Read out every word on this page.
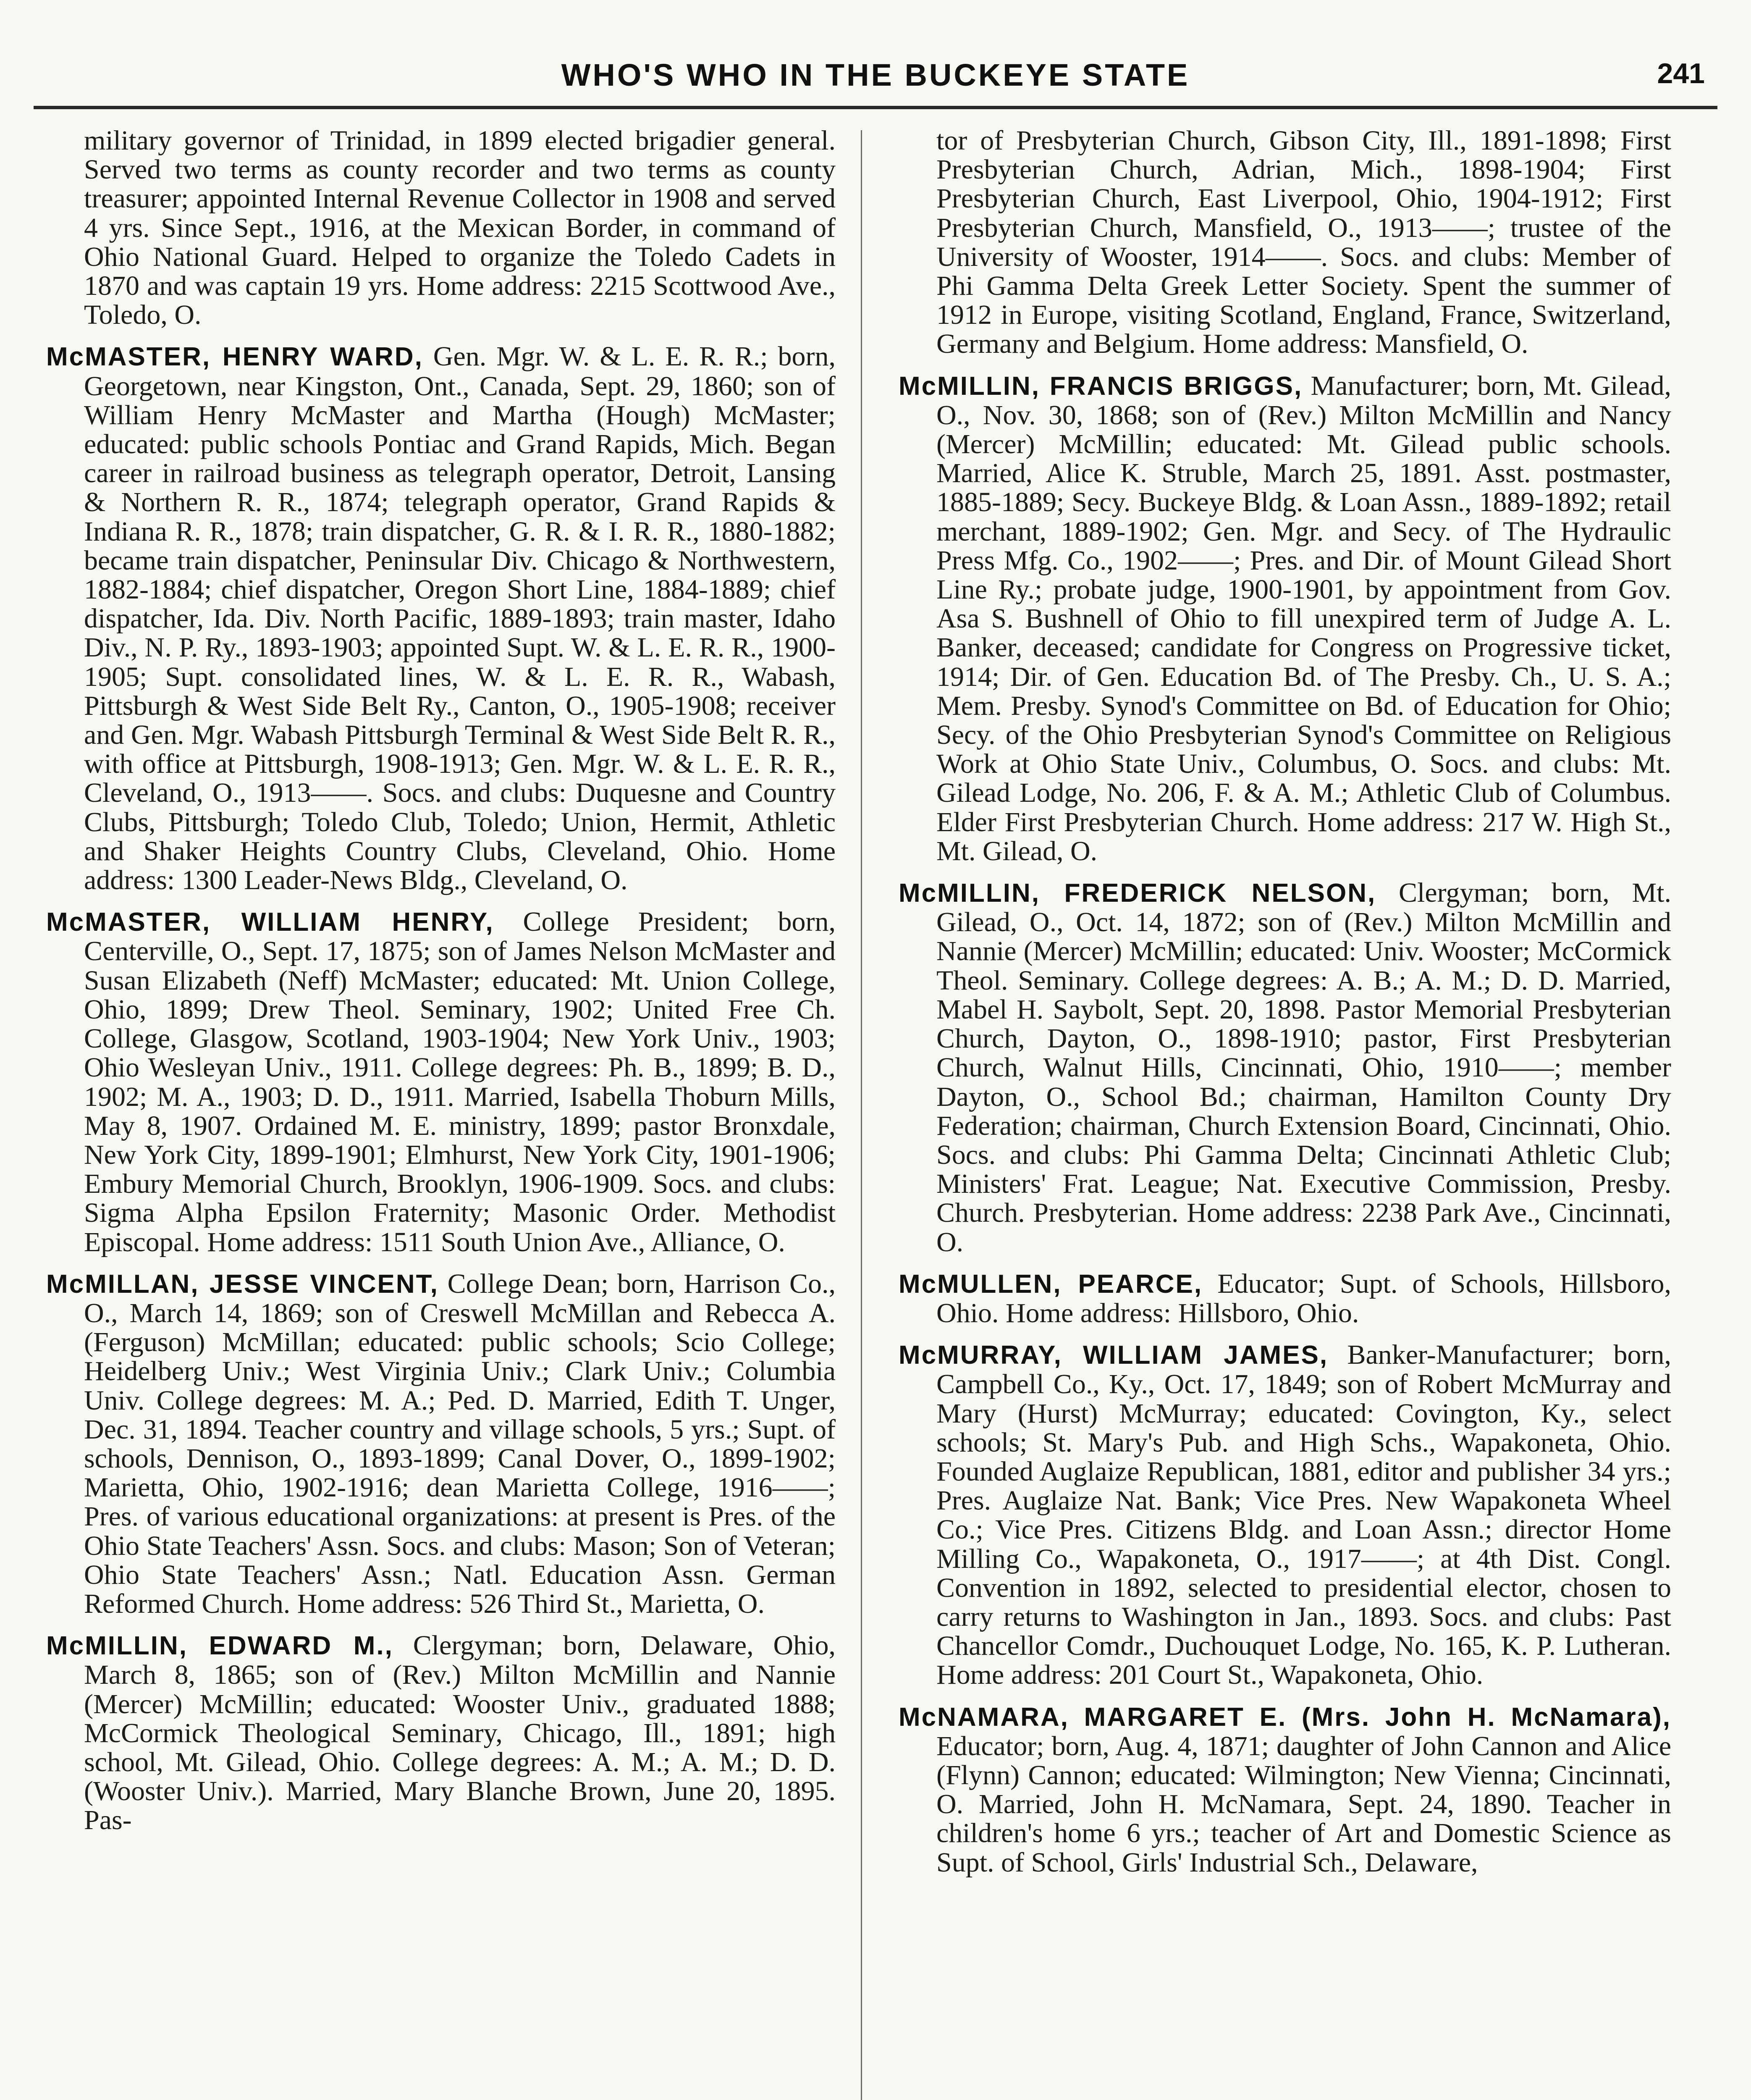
WHO'S WHO IN THE BUCKEYE STATE	241

military governor of Trinidad, in 1899 elected brigadier general. Served two terms as county recorder and two terms as county treasurer; appointed Internal Revenue Collector in 1908 and served 4 yrs. Since Sept., 1916, at the Mexican Border, in command of Ohio National Guard. Helped to organize the Toledo Cadets in 1870 and was captain 19 yrs. Home address: 2215 Scottwood Ave., Toledo, O.

McMASTER, HENRY WARD, Gen. Mgr. W. & L. E. R. R.; born, Georgetown, near Kingston, Ont., Canada, Sept. 29, 1860; son of William Henry McMaster and Martha (Hough) McMaster; educated: public schools Pontiac and Grand Rapids, Mich. Began career in railroad business as telegraph operator, Detroit, Lansing & Northern R. R., 1874; telegraph operator, Grand Rapids & Indiana R. R., 1878; train dispatcher, G. R. & I. R. R., 1880-1882; became train dispatcher, Peninsular Div. Chicago & Northwestern, 1882-1884; chief dispatcher, Oregon Short Line, 1884-1889; chief dispatcher, Ida. Div. North Pacific, 1889-1893; train master, Idaho Div., N. P. Ry., 1893-1903; appointed Supt. W. & L. E. R. R., 1900-1905; Supt. consolidated lines, W. & L. E. R. R., Wabash, Pittsburgh & West Side Belt Ry., Canton, O., 1905-1908; receiver and Gen. Mgr. Wabash Pittsburgh Terminal & West Side Belt R. R., with office at Pittsburgh, 1908-1913; Gen. Mgr. W. & L. E. R. R., Cleveland, O., 1913——. Socs. and clubs: Duquesne and Country Clubs, Pittsburgh; Toledo Club, Toledo; Union, Hermit, Athletic and Shaker Heights Country Clubs, Cleveland, Ohio. Home address: 1300 Leader-News Bldg., Cleveland, O.

McMASTER, WILLIAM HENRY, College President; born, Centerville, O., Sept. 17, 1875; son of James Nelson McMaster and Susan Elizabeth (Neff) McMaster; educated: Mt. Union College, Ohio, 1899; Drew Theol. Seminary, 1902; United Free Ch. College, Glasgow, Scotland, 1903-1904; New York Univ., 1903; Ohio Wesleyan Univ., 1911. College degrees: Ph. B., 1899; B. D., 1902; M. A., 1903; D. D., 1911. Married, Isabella Thoburn Mills, May 8, 1907. Ordained M. E. ministry, 1899; pastor Bronxdale, New York City, 1899-1901; Elmhurst, New York City, 1901-1906; Embury Memorial Church, Brooklyn, 1906-1909. Socs. and clubs: Sigma Alpha Epsilon Fraternity; Masonic Order. Methodist Episcopal. Home address: 1511 South Union Ave., Alliance, O.

McMILLAN, JESSE VINCENT, College Dean; born, Harrison Co., O., March 14, 1869; son of Creswell McMillan and Rebecca A. (Ferguson) McMillan; educated: public schools; Scio College; Heidelberg Univ.; West Virginia Univ.; Clark Univ.; Columbia Univ. College degrees: M. A.; Ped. D. Married, Edith T. Unger, Dec. 31, 1894. Teacher country and village schools, 5 yrs.; Supt. of schools, Dennison, O., 1893-1899; Canal Dover, O., 1899-1902; Marietta, Ohio, 1902-1916; dean Marietta College, 1916——; Pres. of various educational organizations: at present is Pres. of the Ohio State Teachers' Assn. Socs. and clubs: Mason; Son of Veteran; Ohio State Teachers' Assn.; Natl. Education Assn. German Reformed Church. Home address: 526 Third St., Marietta, O.

McMILLIN, EDWARD M., Clergyman; born, Delaware, Ohio, March 8, 1865; son of (Rev.) Milton McMillin and Nannie (Mercer) McMillin; educated: Wooster Univ., graduated 1888; McCormick Theological Seminary, Chicago, Ill., 1891; high school, Mt. Gilead, Ohio. College degrees: A. M.; A. M.; D. D. (Wooster Univ.). Married, Mary Blanche Brown, June 20, 1895. Pas-

tor of Presbyterian Church, Gibson City, Ill., 1891-1898; First Presbyterian Church, Adrian, Mich., 1898-1904; First Presbyterian Church, East Liverpool, Ohio, 1904-1912; First Presbyterian Church, Mansfield, O., 1913——; trustee of the University of Wooster, 1914——. Socs. and clubs: Member of Phi Gamma Delta Greek Letter Society. Spent the summer of 1912 in Europe, visiting Scotland, England, France, Switzerland, Germany and Belgium. Home address: Mansfield, O.

McMILLIN, FRANCIS BRIGGS, Manufacturer; born, Mt. Gilead, O., Nov. 30, 1868; son of (Rev.) Milton McMillin and Nancy (Mercer) McMillin; educated: Mt. Gilead public schools. Married, Alice K. Struble, March 25, 1891. Asst. postmaster, 1885-1889; Secy. Buckeye Bldg. & Loan Assn., 1889-1892; retail merchant, 1889-1902; Gen. Mgr. and Secy. of The Hydraulic Press Mfg. Co., 1902——; Pres. and Dir. of Mount Gilead Short Line Ry.; probate judge, 1900-1901, by appointment from Gov. Asa S. Bushnell of Ohio to fill unexpired term of Judge A. L. Banker, deceased; candidate for Congress on Progressive ticket, 1914; Dir. of Gen. Education Bd. of The Presby. Ch., U. S. A.; Mem. Presby. Synod's Committee on Bd. of Education for Ohio; Secy. of the Ohio Presbyterian Synod's Committee on Religious Work at Ohio State Univ., Columbus, O. Socs. and clubs: Mt. Gilead Lodge, No. 206, F. & A. M.; Athletic Club of Columbus. Elder First Presbyterian Church. Home address: 217 W. High St., Mt. Gilead, O.

McMILLIN, FREDERICK NELSON, Clergyman; born, Mt. Gilead, O., Oct. 14, 1872; son of (Rev.) Milton McMillin and Nannie (Mercer) McMillin; educated: Univ. Wooster; McCormick Theol. Seminary. College degrees: A. B.; A. M.; D. D. Married, Mabel H. Saybolt, Sept. 20, 1898. Pastor Memorial Presbyterian Church, Dayton, O., 1898-1910; pastor, First Presbyterian Church, Walnut Hills, Cincinnati, Ohio, 1910——; member Dayton, O., School Bd.; chairman, Hamilton County Dry Federation; chairman, Church Extension Board, Cincinnati, Ohio. Socs. and clubs: Phi Gamma Delta; Cincinnati Athletic Club; Ministers' Frat. League; Nat. Executive Commission, Presby. Church. Presbyterian. Home address: 2238 Park Ave., Cincinnati, O.

McMULLEN, PEARCE, Educator; Supt. of Schools, Hillsboro, Ohio. Home address: Hillsboro, Ohio.

McMURRAY, WILLIAM JAMES, Banker-Manufacturer; born, Campbell Co., Ky., Oct. 17, 1849; son of Robert McMurray and Mary (Hurst) McMurray; educated: Covington, Ky., select schools; St. Mary's Pub. and High Schs., Wapakoneta, Ohio. Founded Auglaize Republican, 1881, editor and publisher 34 yrs.; Pres. Auglaize Nat. Bank; Vice Pres. New Wapakoneta Wheel Co.; Vice Pres. Citizens Bldg. and Loan Assn.; director Home Milling Co., Wapakoneta, O., 1917——; at 4th Dist. Congl. Convention in 1892, selected to presidential elector, chosen to carry returns to Washington in Jan., 1893. Socs. and clubs: Past Chancellor Comdr., Duchouquet Lodge, No. 165, K. P. Lutheran. Home address: 201 Court St., Wapakoneta, Ohio.

McNAMARA, MARGARET E. (Mrs. John H. McNamara), Educator; born, Aug. 4, 1871; daughter of John Cannon and Alice (Flynn) Cannon; educated: Wilmington; New Vienna; Cincinnati, O. Married, John H. McNamara, Sept. 24, 1890. Teacher in children's home 6 yrs.; teacher of Art and Domestic Science as Supt. of School, Girls' Industrial Sch., Delaware,
